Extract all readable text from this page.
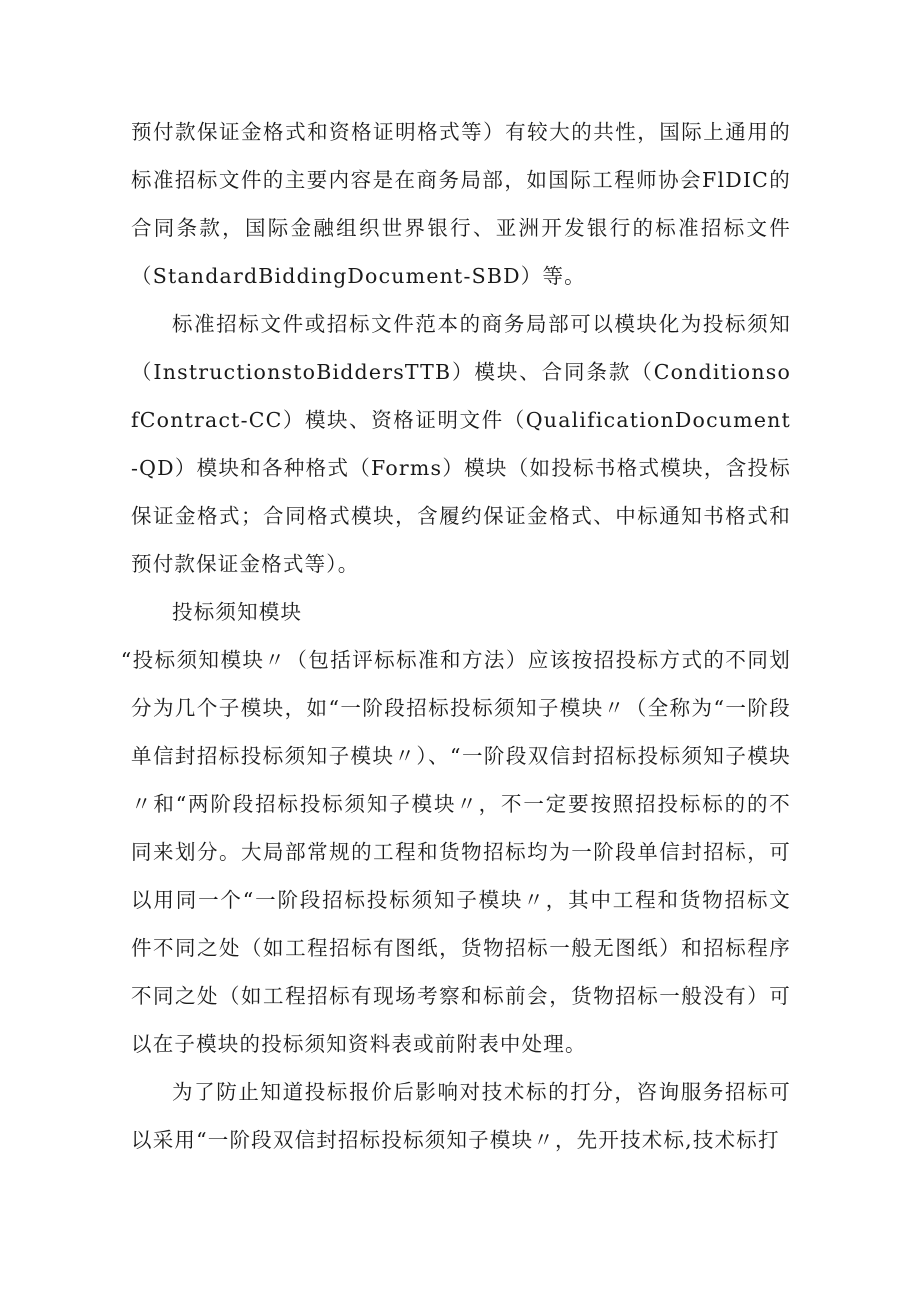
预付款保证金格式和资格证明格式等）有较大的共性，国际上通用的标准招标文件的主要内容是在商务局部，如国际工程师协会FlDIC的合同条款，国际金融组织世界银行、亚洲开发银行的标准招标文件（StandardBiddingDocument-SBD）等。

标准招标文件或招标文件范本的商务局部可以模块化为投标须知（InstructionstoBiddersTTB）模块、合同条款（ConditionsofContract-CC）模块、资格证明文件（QualificationDocument-QD）模块和各种格式（Forms）模块（如投标书格式模块，含投标保证金格式；合同格式模块，含履约保证金格式、中标通知书格式和预付款保证金格式等）。

投标须知模块

“投标须知模块〃（包括评标标准和方法）应该按招投标方式的不同划分为几个子模块，如“一阶段招标投标须知子模块〃（全称为“一阶段单信封招标投标须知子模块〃）、“一阶段双信封招标投标须知子模块〃和“两阶段招标投标须知子模块〃，不一定要按照招投标标的的不同来划分。大局部常规的工程和货物招标均为一阶段单信封招标，可以用同一个“一阶段招标投标须知子模块〃，其中工程和货物招标文件不同之处（如工程招标有图纸，货物招标一般无图纸）和招标程序不同之处（如工程招标有现场考察和标前会，货物招标一般没有）可以在子模块的投标须知资料表或前附表中处理。

为了防止知道投标报价后影响对技术标的打分，咨询服务招标可以采用“一阶段双信封招标投标须知子模块〃，先开技术标,技术标打
